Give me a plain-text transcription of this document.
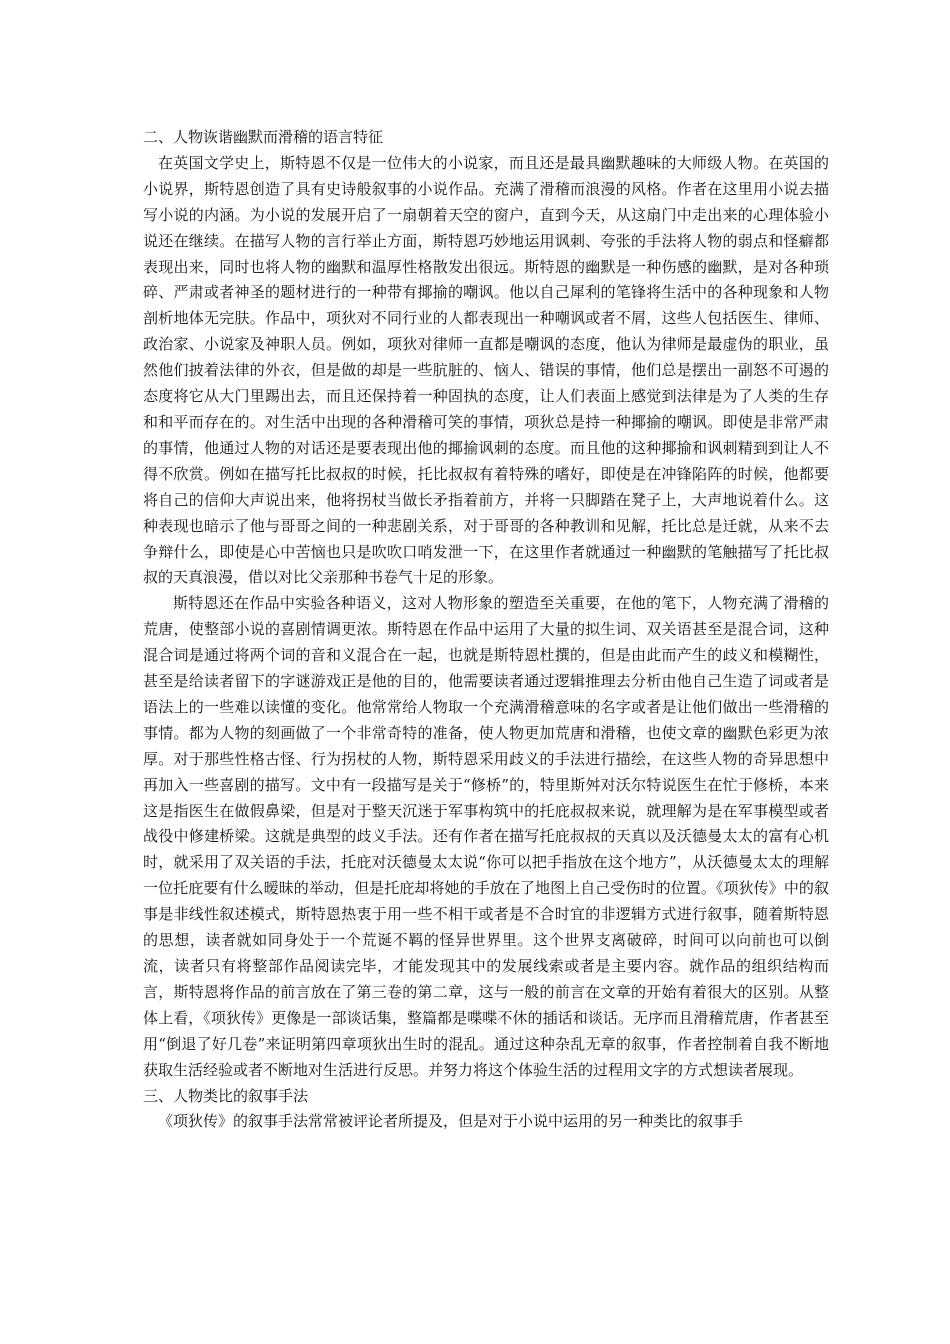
二、人物诙谐幽默而滑稽的语言特征

在英国文学史上，斯特恩不仅是一位伟大的小说家，而且还是最具幽默趣味的大师级人物。在英国的小说界，斯特恩创造了具有史诗般叙事的小说作品。充满了滑稽而浪漫的风格。作者在这里用小说去描写小说的内涵。为小说的发展开启了一扇朝着天空的窗户，直到今天，从这扇门中走出来的心理体验小说还在继续。在描写人物的言行举止方面，斯特恩巧妙地运用讽刺、夸张的手法将人物的弱点和怪癖都表现出来，同时也将人物的幽默和温厚性格散发出很远。斯特恩的幽默是一种伤感的幽默，是对各种琐碎、严肃或者神圣的题材进行的一种带有揶揄的嘲讽。他以自己犀利的笔锋将生活中的各种现象和人物剖析地体无完肤。作品中，项狄对不同行业的人都表现出一种嘲讽或者不屑，这些人包括医生、律师、政治家、小说家及神职人员。例如，项狄对律师一直都是嘲讽的态度，他认为律师是最虚伪的职业，虽然他们披着法律的外衣，但是做的却是一些肮脏的、恼人、错误的事情，他们总是摆出一副怒不可遏的态度将它从大门里踢出去，而且还保持着一种固执的态度，让人们表面上感觉到法律是为了人类的生存和和平而存在的。对生活中出现的各种滑稽可笑的事情，项狄总是持一种揶揄的嘲讽。即使是非常严肃的事情，他通过人物的对话还是要表现出他的揶揄讽刺的态度。而且他的这种揶揄和讽刺精到到让人不得不欣赏。例如在描写托比叔叔的时候，托比叔叔有着特殊的嗜好，即使是在冲锋陷阵的时候，他都要将自己的信仰大声说出来，他将拐杖当做长矛指着前方，并将一只脚踏在凳子上，大声地说着什么。这种表现也暗示了他与哥哥之间的一种悲剧关系，对于哥哥的各种教训和见解，托比总是迁就，从来不去争辩什么，即使是心中苦恼也只是吹吹口哨发泄一下，在这里作者就通过一种幽默的笔触描写了托比叔叔的天真浪漫，借以对比父亲那种书卷气十足的形象。

斯特恩还在作品中实验各种语义，这对人物形象的塑造至关重要，在他的笔下，人物充满了滑稽的荒唐，使整部小说的喜剧情调更浓。斯特恩在作品中运用了大量的拟生词、双关语甚至是混合词，这种混合词是通过将两个词的音和义混合在一起，也就是斯特恩杜撰的，但是由此而产生的歧义和模糊性，甚至是给读者留下的字谜游戏正是他的目的，他需要读者通过逻辑推理去分析由他自己生造了词或者是语法上的一些难以读懂的变化。他常常给人物取一个充满滑稽意味的名字或者是让他们做出一些滑稽的事情。都为人物的刻画做了一个非常奇特的准备，使人物更加荒唐和滑稽，也使文章的幽默色彩更为浓厚。对于那些性格古怪、行为拐杖的人物，斯特恩采用歧义的手法进行描绘，在这些人物的奇异思想中再加入一些喜剧的描写。文中有一段描写是关于“修桥”的，特里斯舛对沃尔特说医生在忙于修桥，本来这是指医生在做假鼻梁，但是对于整天沉迷于军事构筑中的托庇叔叔来说，就理解为是在军事模型或者战役中修建桥梁。这就是典型的歧义手法。还有作者在描写托庇叔叔的天真以及沃德曼太太的富有心机时，就采用了双关语的手法，托庇对沃德曼太太说“你可以把手指放在这个地方”，从沃德曼太太的理解一位托庇要有什么暧昧的举动，但是托庇却将她的手放在了地图上自己受伤时的位置。《项狄传》中的叙事是非线性叙述模式，斯特恩热衷于用一些不相干或者是不合时宜的非逻辑方式进行叙事，随着斯特恩的思想，读者就如同身处于一个荒诞不羁的怪异世界里。这个世界支离破碎，时间可以向前也可以倒流，读者只有将整部作品阅读完毕，才能发现其中的发展线索或者是主要内容。就作品的组织结构而言，斯特恩将作品的前言放在了第三卷的第二章，这与一般的前言在文章的开始有着很大的区别。从整体上看，《项狄传》更像是一部谈话集，整篇都是喋喋不休的插话和谈话。无序而且滑稽荒唐，作者甚至用“倒退了好几卷”来证明第四章项狄出生时的混乱。通过这种杂乱无章的叙事，作者控制着自我不断地获取生活经验或者不断地对生活进行反思。并努力将这个体验生活的过程用文字的方式想读者展现。

三、人物类比的叙事手法

《项狄传》的叙事手法常常被评论者所提及，但是对于小说中运用的另一种类比的叙事手
